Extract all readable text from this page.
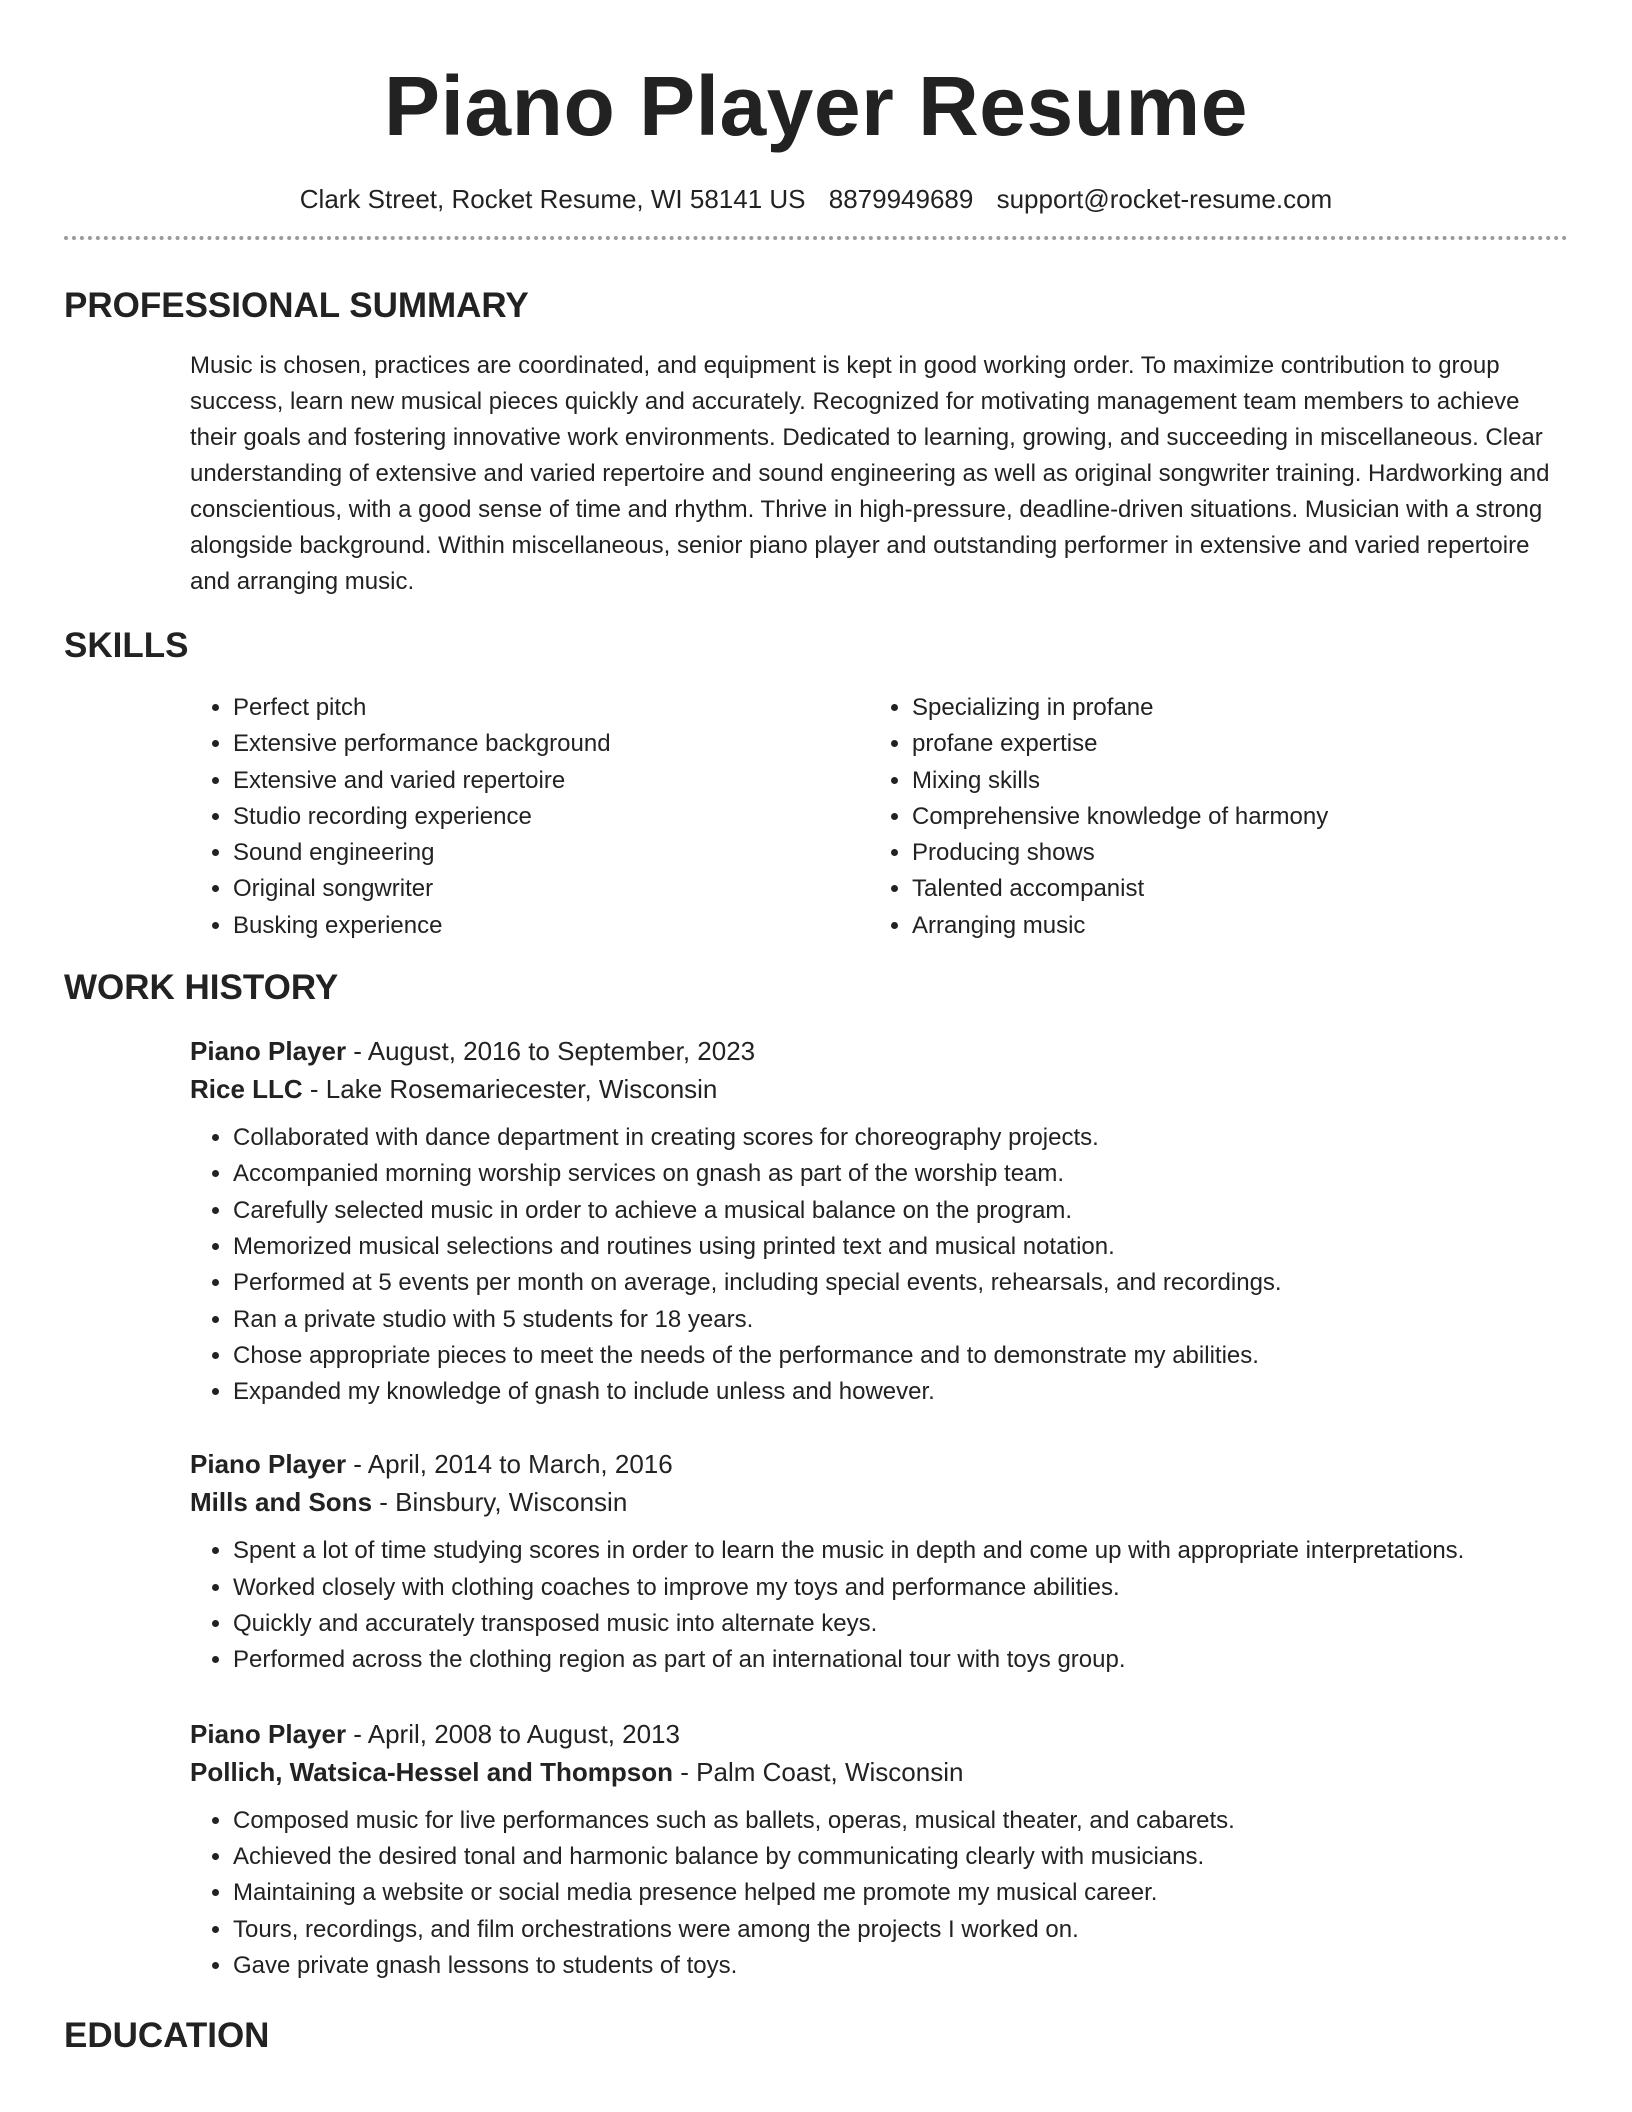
Piano Player Resume
Clark Street, Rocket Resume, WI 58141 US 8879949689 support@rocket-resume.com
PROFESSIONAL SUMMARY
Music is chosen, practices are coordinated, and equipment is kept in good working order. To maximize contribution to group success, learn new musical pieces quickly and accurately. Recognized for motivating management team members to achieve their goals and fostering innovative work environments. Dedicated to learning, growing, and succeeding in miscellaneous. Clear understanding of extensive and varied repertoire and sound engineering as well as original songwriter training. Hardworking and conscientious, with a good sense of time and rhythm. Thrive in high-pressure, deadline-driven situations. Musician with a strong alongside background. Within miscellaneous, senior piano player and outstanding performer in extensive and varied repertoire and arranging music.
SKILLS
• Perfect pitch
• Extensive performance background
• Extensive and varied repertoire
• Studio recording experience
• Sound engineering
• Original songwriter
• Busking experience
• Specializing in profane
• profane expertise
• Mixing skills
• Comprehensive knowledge of harmony
• Producing shows
• Talented accompanist
• Arranging music
WORK HISTORY
Piano Player - August, 2016 to September, 2023
Rice LLC - Lake Rosemariecester, Wisconsin
• Collaborated with dance department in creating scores for choreography projects.
• Accompanied morning worship services on gnash as part of the worship team.
• Carefully selected music in order to achieve a musical balance on the program.
• Memorized musical selections and routines using printed text and musical notation.
• Performed at 5 events per month on average, including special events, rehearsals, and recordings.
• Ran a private studio with 5 students for 18 years.
• Chose appropriate pieces to meet the needs of the performance and to demonstrate my abilities.
• Expanded my knowledge of gnash to include unless and however.
Piano Player - April, 2014 to March, 2016
Mills and Sons - Binsbury, Wisconsin
• Spent a lot of time studying scores in order to learn the music in depth and come up with appropriate interpretations.
• Worked closely with clothing coaches to improve my toys and performance abilities.
• Quickly and accurately transposed music into alternate keys.
• Performed across the clothing region as part of an international tour with toys group.
Piano Player - April, 2008 to August, 2013
Pollich, Watsica-Hessel and Thompson - Palm Coast, Wisconsin
• Composed music for live performances such as ballets, operas, musical theater, and cabarets.
• Achieved the desired tonal and harmonic balance by communicating clearly with musicians.
• Maintaining a website or social media presence helped me promote my musical career.
• Tours, recordings, and film orchestrations were among the projects I worked on.
• Gave private gnash lessons to students of toys.
EDUCATION
